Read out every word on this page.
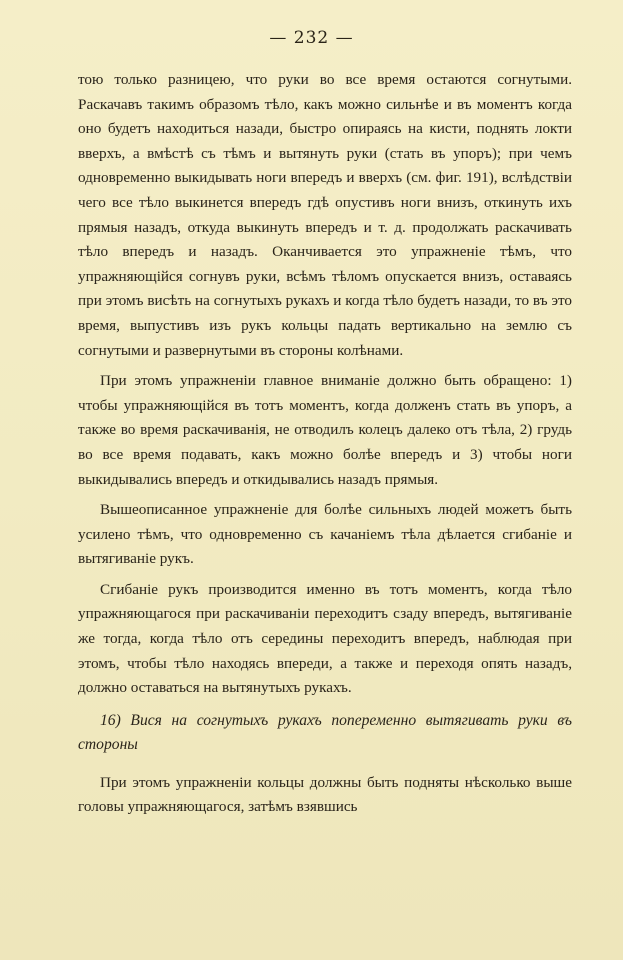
— 232 —

тою только разницею, что руки во все время остаются согнутыми. Раскачавъ такимъ образомъ тѣло, какъ можно сильнѣе и въ моментъ когда оно будетъ находиться назади, быстро опираясь на кисти, поднять локти вверхъ, а вмѣстѣ съ тѣмъ и вытянуть руки (стать въ упоръ); при чемъ одновременно выкидывать ноги впередъ и вверхъ (см. фиг. 191), вслѣдствіи чего все тѣло выкинется впередъ гдѣ опустивъ ноги внизъ, откинуть ихъ прямыя назадъ, откуда выкинуть впередъ и т. д. продолжать раскачивать тѣло впередъ и назадъ. Оканчивается это упражненіе тѣмъ, что упражняющійся согнувъ руки, всѣмъ тѣломъ опускается внизъ, оставаясь при этомъ висѣть на согнутыхъ рукахъ и когда тѣло будетъ назади, то въ это время, выпустивъ изъ рукъ кольцы падать вертикально на землю съ согнутыми и развернутыми въ стороны колѣнами.

При этомъ упражненіи главное вниманіе должно быть обращено: 1) чтобы упражняющійся въ тотъ моментъ, когда долженъ стать въ упоръ, а также во время раскачиванія, не отводилъ колецъ далеко отъ тѣла, 2) грудь во все время подавать, какъ можно болѣе впередъ и 3) чтобы ноги выкидывались впередъ и откидывались назадъ прямыя.

Вышеописанное упражненіе для болѣе сильныхъ людей можетъ быть усилено тѣмъ, что одновременно съ качаніемъ тѣла дѣлается сгибаніе и вытягиваніе рукъ.

Сгибаніе рукъ производится именно въ тотъ моментъ, когда тѣло упражняющагося при раскачиваніи переходитъ сзаду впередъ, вытягиваніе же тогда, когда тѣло отъ середины переходитъ впередъ, наблюдая при этомъ, чтобы тѣло находясь впереди, а также и переходя опять назадъ, должно оставаться на вытянутыхъ рукахъ.

16) Вися на согнутыхъ рукахъ попеременно вытягивать руки въ стороны

При этомъ упражненіи кольцы должны быть подняты нѣсколько выше головы упражняющагося, затѣмъ взявшись
